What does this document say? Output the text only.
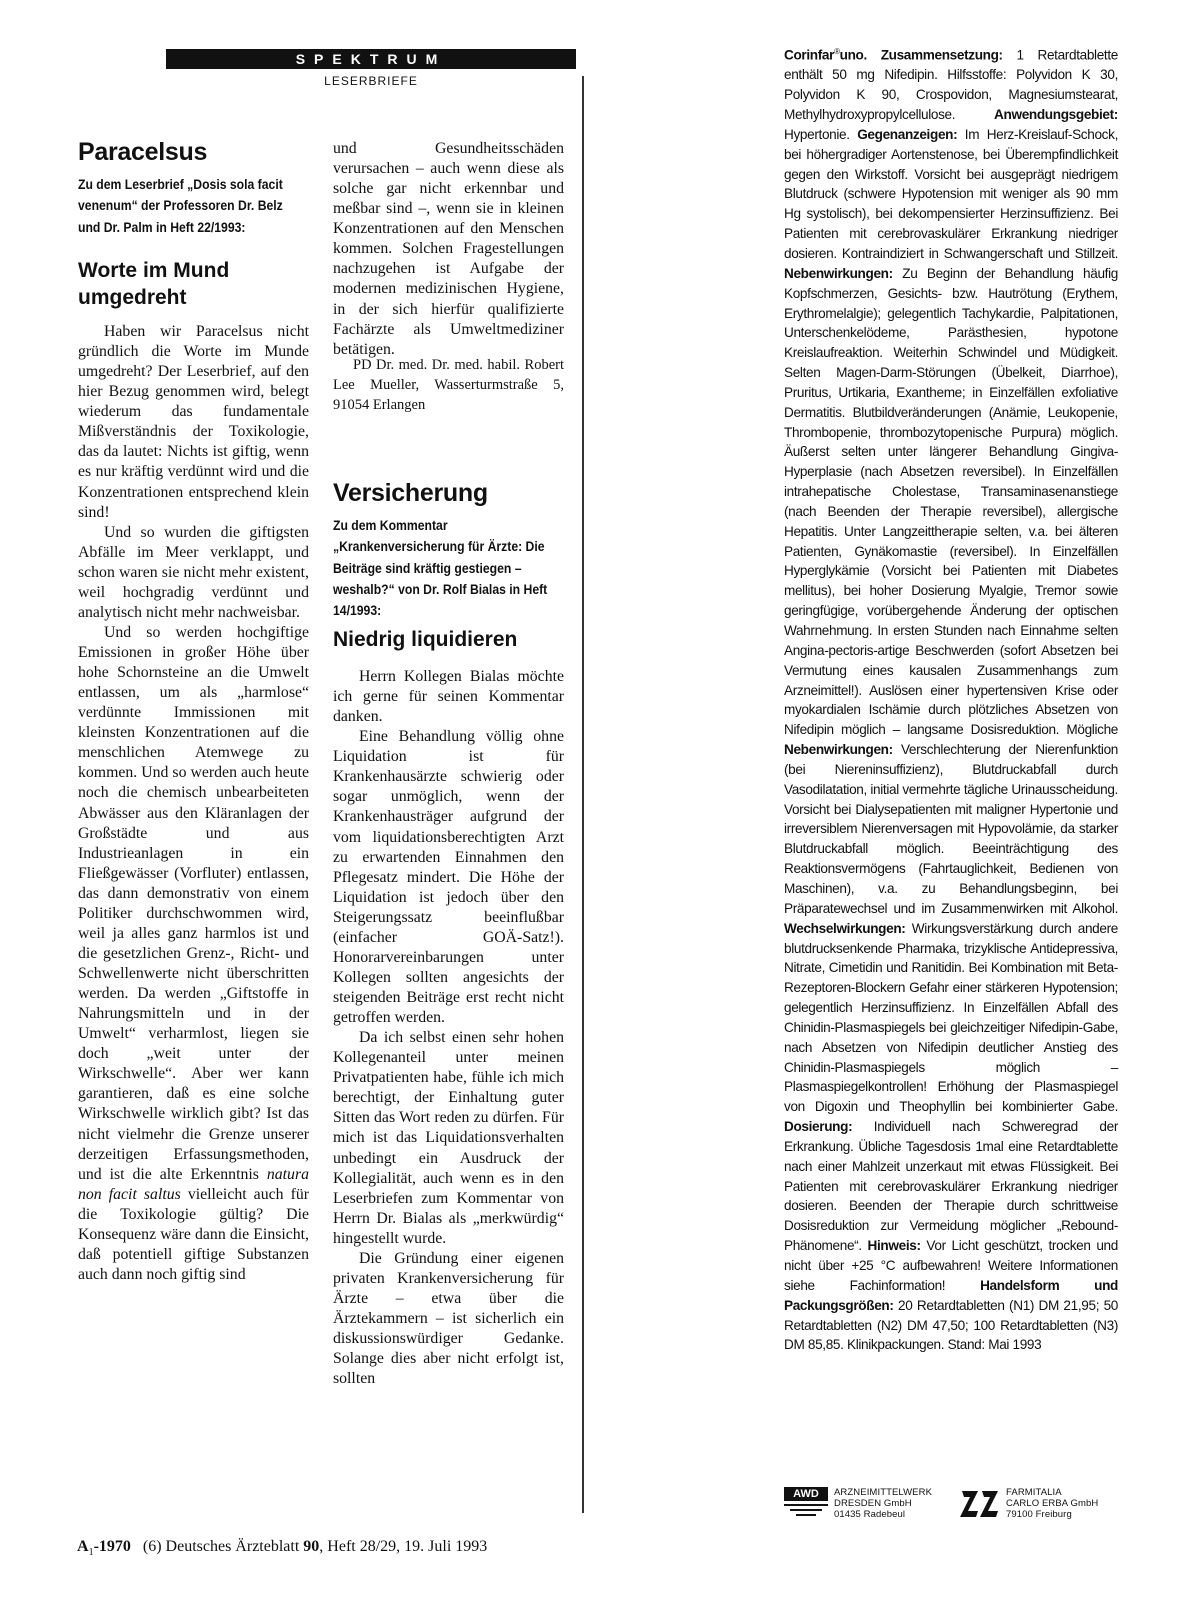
SPEKTRUM
LESERBRIEFE
Paracelsus
Zu dem Leserbrief „Dosis sola facit venenum“ der Professoren Dr. Belz und Dr. Palm in Heft 22/1993:
Worte im Mund umgedreht

Haben wir Paracelsus nicht gründlich die Worte im Munde umgedreht? Der Leserbrief, auf den hier Bezug genommen wird, belegt wiederum das fundamentale Mißverständnis der Toxikologie, das da lautet: Nichts ist giftig, wenn es nur kräftig verdünnt wird und die Konzentrationen entsprechend klein sind!

Und so wurden die giftigsten Abfälle im Meer verklappt, und schon waren sie nicht mehr existent, weil hochgradig verdünnt und analytisch nicht mehr nachweisbar.

Und so werden hochgiftige Emissionen in großer Höhe über hohe Schornsteine an die Umwelt entlassen, um als „harmlose“ verdünnte Immissionen mit kleinsten Konzentrationen auf die menschlichen Atemwege zu kommen. Und so werden auch heute noch die chemisch unbearbeiteten Abwässer aus den Kläranlagen der Großstädte und aus Industrieanlagen in ein Fließgewässer (Vorfluter) entlassen, das dann demonstrativ von einem Politiker durchschwommen wird, weil ja alles ganz harmlos ist und die gesetzlichen Grenz-, Richt- und Schwellenwerte nicht überschritten werden. Da werden „Giftstoffe in Nahrungsmitteln und in der Umwelt“ verharmlost, liegen sie doch „weit unter der Wirkschwelle“. Aber wer kann garantieren, daß es eine solche Wirkschwelle wirklich gibt? Ist das nicht vielmehr die Grenze unserer derzeitigen Erfassungsmethoden, und ist die alte Erkenntnis natura non facit saltus vielleicht auch für die Toxikologie gültig? Die Konsequenz wäre dann die Einsicht, daß potentiell giftige Substanzen auch dann noch giftig sind

und Gesundheitsschäden verursachen – auch wenn diese als solche gar nicht erkennbar und meßbar sind –, wenn sie in kleinen Konzentrationen auf den Menschen kommen. Solchen Fragestellungen nachzugehen ist Aufgabe der modernen medizinischen Hygiene, in der sich hierfür qualifizierte Fachärzte als Umweltmediziner betätigen.

PD Dr. med. Dr. med. habil. Robert Lee Mueller, Wasserturmstraße 5, 91054 Erlangen

Versicherung
Zu dem Kommentar „Krankenversicherung für Ärzte: Die Beiträge sind kräftig gestiegen – weshalb?“ von Dr. Rolf Bialas in Heft 14/1993:
Niedrig liquidieren

Herrn Kollegen Bialas möchte ich gerne für seinen Kommentar danken.

Eine Behandlung völlig ohne Liquidation ist für Krankenhausärzte schwierig oder sogar unmöglich, wenn der Krankenhausträger aufgrund der vom liquidationsberechtigten Arzt zu erwartenden Einnahmen den Pflegesatz mindert. Die Höhe der Liquidation ist jedoch über den Steigerungssatz beeinflußbar (einfacher GOÄ-Satz!). Honorarvereinbarungen unter Kollegen sollten angesichts der steigenden Beiträge erst recht nicht getroffen werden.

Da ich selbst einen sehr hohen Kollegenanteil unter meinen Privatpatienten habe, fühle ich mich berechtigt, der Einhaltung guter Sitten das Wort reden zu dürfen. Für mich ist das Liquidationsverhalten unbedingt ein Ausdruck der Kollegialität, auch wenn es in den Leserbriefen zum Kommentar von Herrn Dr. Bialas als „merkwürdig“ hingestellt wurde.

Die Gründung einer eigenen privaten Krankenversicherung für Ärzte – etwa über die Ärztekammern – ist sicherlich ein diskussionswürdiger Gedanke. Solange dies aber nicht erfolgt ist, sollten

Corinfar®uno. Zusammensetzung: 1 Retardtablette enthält 50 mg Nifedipin. Hilfsstoffe: Polyvidon K 30, Polyvidon K 90, Crospovidon, Magnesiumstearat, Methylhydroxypropylcellulose. Anwendungsgebiet: Hypertonie. Gegenanzeigen: Im Herz-Kreislauf-Schock, bei höhergradiger Aortenstenose, bei Überempfindlichkeit gegen den Wirkstoff. Vorsicht bei ausgeprägt niedrigem Blutdruck (schwere Hypotension mit weniger als 90 mm Hg systolisch), bei dekompensierter Herzinsuffizienz. Bei Patienten mit cerebrovaskulärer Erkrankung niedriger dosieren. Kontraindiziert in Schwangerschaft und Stillzeit. Nebenwirkungen: Zu Beginn der Behandlung häufig Kopfschmerzen, Gesichts- bzw. Hautrötung (Erythem, Erythromelalgie); gelegentlich Tachykardie, Palpitationen, Unterschenkelödeme, Parästhesien, hypotone Kreislaufreaktion. Weiterhin Schwindel und Müdigkeit. Selten Magen-Darm-Störungen (Übelkeit, Diarrhoe), Pruritus, Urtikaria, Exantheme; in Einzelfällen exfoliative Dermatitis. Blutbildveränderungen (Anämie, Leukopenie, Thrombopenie, thrombozytopenische Purpura) möglich. Äußerst selten unter längerer Behandlung Gingiva-Hyperplasie (nach Absetzen reversibel). In Einzelfällen intrahepatische Cholestase, Transaminasenanstiege (nach Beenden der Therapie reversibel), allergische Hepatitis. Unter Langzeittherapie selten, v.a. bei älteren Patienten, Gynäkomastie (reversibel). In Einzelfällen Hyperglykämie (Vorsicht bei Patienten mit Diabetes mellitus), bei hoher Dosierung Myalgie, Tremor sowie geringfügige, vorübergehende Änderung der optischen Wahrnehmung. In ersten Stunden nach Einnahme selten Angina-pectoris-artige Beschwerden (sofort Absetzen bei Vermutung eines kausalen Zusammenhangs zum Arzneimittel!). Auslösen einer hypertensiven Krise oder myokardialen Ischämie durch plötzliches Absetzen von Nifedipin möglich – langsame Dosisreduktion. Mögliche Nebenwirkungen: Verschlechterung der Nierenfunktion (bei Niereninsuffizienz), Blutdruckabfall durch Vasodilatation, initial vermehrte tägliche Urinausscheidung. Vorsicht bei Dialysepatienten mit maligner Hypertonie und irreversiblem Nierenversagen mit Hypovolämie, da starker Blutdruckabfall möglich. Beeinträchtigung des Reaktionsvermögens (Fahrtauglichkeit, Bedienen von Maschinen), v.a. zu Behandlungsbeginn, bei Präparatewechsel und im Zusammenwirken mit Alkohol. Wechselwirkungen: Wirkungsverstärkung durch andere blutdrucksenkende Pharmaka, trizyklische Antidepressiva, Nitrate, Cimetidin und Ranitidin. Bei Kombination mit Beta-Rezeptoren-Blockern Gefahr einer stärkeren Hypotension; gelegentlich Herzinsuffizienz. In Einzelfällen Abfall des Chinidin-Plasmaspiegels bei gleichzeitiger Nifedipin-Gabe, nach Absetzen von Nifedipin deutlicher Anstieg des Chinidin-Plasmaspiegels möglich – Plasmaspiegelkontrollen! Erhöhung der Plasmaspiegel von Digoxin und Theophyllin bei kombinierter Gabe. Dosierung: Individuell nach Schweregrad der Erkrankung. Übliche Tagesdosis 1mal eine Retardtablette nach einer Mahlzeit unzerkaut mit etwas Flüssigkeit. Bei Patienten mit cerebrovaskulärer Erkrankung niedriger dosieren. Beenden der Therapie durch schrittweise Dosisreduktion zur Vermeidung möglicher „Rebound-Phänomene“. Hinweis: Vor Licht geschützt, trocken und nicht über +25 °C aufbewahren! Weitere Informationen siehe Fachinformation! Handelsform und Packungsgrößen: 20 Retardtabletten (N1) DM 21,95; 50 Retardtabletten (N2) DM 47,50; 100 Retardtabletten (N3) DM 85,85. Klinikpackungen. Stand: Mai 1993
AWD	ARZNEIMITTELWERK
DRESDEN GmbH
01435 Radebeul
FARMITALIA
CARLO ERBA GmbH
79100 Freiburg
$A_1-1970$ (6) Deutsches Ärzteblatt 90, Heft 28/29, 19. Juli 1993
